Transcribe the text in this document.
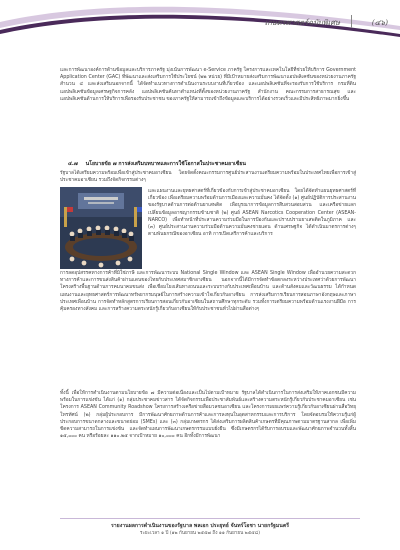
เกษตรศาสตร์ฉบับพิเศษ	(๔๖)
และการพัฒนาองค์การด้านข้อมูลและบริการภาครัฐ มุ่งเน้นการพัฒนา e-Service ภาครัฐ โครงการและเทคโนโลยีที่ช่วยให้บริการ Government Application Center (GAC) ที่พัฒนาและส่งเสริมการใช้ประโยชน์ (๒๒ หน่วย) ที่มีเป้าหมายส่งเสริมการพัฒนาแอปพลิเคชันของหน่วยงานภาครัฐ สำนวน ๔ และส่งเสริมนอกจากนี้ ได้จัดทำแนวทางการดำเนินงานระบบงานที่เกี่ยวข้อง และแอปพลิเคชันที่จะรองรับการใช้บริการ กรมที่ดิน แอปพลิเคชันข้อมูลเศรษฐกิจการคลัง แอปพลิเคชันค้นหาตำแหน่งที่ตั้งของหน่วยงานภาครัฐ สำนักงาน คณะกรรมการสาธารณสุข และแอปพลิเคชันด้านการให้บริการเพื่อรองรับประชาชน ของภาครัฐให้สามารถเข้าถึงข้อมูลและบริการได้อย่างรวดเร็วและมีประสิทธิภาพมากยิ่งขึ้น
๔.๗ นโยบายข้อ ๗ การส่งเสริมบทบาทและการใช้โอกาสในประชาคมอาเซียน
รัฐบาลได้เตรียมความพร้อมเพื่อเข้าสู่ประชาคมอาเซียน โดยจัดตั้งคณะกรรมการศูนย์ประสานงานเตรียมความพร้อมในประเทศไทยเพื่อการเข้าสู่ประชาคมอาเซียน รวมถึงจัดกิจกรรมต่างๆ
และแผนงานและยุทธศาสตร์ที่เกี่ยวข้องกับการเข้าสู่ประชาคมอาเซียน โดยได้จัดทำแผนยุทธศาสตร์ที่เกี่ยวข้อง เพื่อเตรียมความพร้อมด้านการเมืองและความมั่นคง ได้จัดตั้ง (๑) ศูนย์ปฏิบัติการประสานงานของรัฐบาลด้านการต่อต้านยาเสพติด เพื่อบูรณาการข้อมูลการสืบสวนสอบสวน และเครือข่ายแลกเปลี่ยนข้อมูลอาชญากรรมข้ามชาติ (๒) ศูนย์ ASEAN Narcotics Cooperation Center (ASEAN-NARCO) เพื่อทำหน้าที่ประสานความร่วมมือในการป้องกันและปราบปรามยาเสพติดในภูมิภาค และ (๓) ศูนย์ประสานงานความร่วมมือด้านความมั่นคงชายแดน ด้านเศรษฐกิจ ได้ดำเนินมาตรการต่างๆ ตามพันธกรณีของอาเซียน อาทิ การเปิดเสรีการค้าและบริการ
การลดอุปสรรคทางการค้าที่มิใช่ภาษี และการพัฒนาระบบ National Single Window และ ASEAN Single Window เพื่ออำนวยความสะดวกทางการค้าและการขนส่งสินค้าผ่านแดนของไทยกับประเทศสมาชิกอาเซียน นอกจากนี้ได้มีการจัดทำข้อตกลงระหว่างประเทศว่าด้วยการพัฒนาโครงสร้างพื้นฐานด้านการคมนาคมขนส่ง เพื่อเชื่อมโยงเส้นทางถนนและระบบรางกับประเทศเพื่อนบ้าน และด้านสังคมและวัฒนธรรม ได้กำหนดแผนงานและยุทธศาสตร์การพัฒนาทรัพยากรมนุษย์ในการสร้างความเข้าใจเกี่ยวกับอาเซียน การส่งเสริมการเรียนการสอนภาษาอังกฤษและภาษาประเทศเพื่อนบ้าน การจัดทำหลักสูตรการเรียนการสอนเกี่ยวกับอาเซียนในสถานศึกษาทุกระดับ รวมทั้งการเตรียมความพร้อมด้านแรงงานฝีมือ การคุ้มครองทางสังคม และการสร้างความตระหนักรู้เกี่ยวกับอาเซียนให้กับประชาชนทั่วไปผ่านสื่อต่างๆ
ทั้งนี้ เพื่อให้การดำเนินงานตามนโยบายข้อ ๗ มีความต่อเนื่องและเป็นไปตามเป้าหมาย รัฐบาลได้ดำเนินการในการส่งเสริมให้ภาคเอกชนมีความพร้อมในการแข่งขัน ได้แก่ (๑) กลุ่มประชาคมข่าวสาร ได้จัดกิจกรรมเพื่อประชาสัมพันธ์และสร้างความตระหนักรู้เกี่ยวกับประชาคมอาเซียน เช่น โครงการ ASEAN Community Roadshow โครงการสร้างเครือข่ายสื่อมวลชนอาเซียน และโครงการเผยแพร่ความรู้เกี่ยวกับอาเซียนผ่านสื่อวิทยุโทรทัศน์ (๒) กลุ่มผู้ประกอบการ มีการพัฒนาศักยภาพด้านการค้าและการลงทุนในอุตสาหกรรมและการบริการ โดยจัดอบรมให้ความรู้แก่ผู้ประกอบการขนาดกลางและขนาดย่อม (SMEs) และ (๓) กลุ่มเกษตรกร ได้ส่งเสริมการผลิตสินค้าเกษตรที่มีคุณภาพตามมาตรฐานสากล เพื่อเพิ่มขีดความสามารถในการแข่งขัน และจัดทำแผนการพัฒนาเกษตรกรรมแบบยั่งยืน ซึ่งมีเกษตรกรได้รับการอบรมและพัฒนาศักยภาพจำนวนทั้งสิ้น ๑๕,๐๐๐ คน หรือร้อยละ ๑๑๐.๒๕ จากเป้าหมาย ๑๐,๐๐๐ คน อีกทั้งมีการพัฒนา
รายงานผลการดำเนินงานของรัฐบาล พลเอก ประยุทธ์ จันทร์โอชา นายกรัฐมนตรี
ระยะเวลา ๑ ปี (๑๒ กันยายน ๒๕๕๗ ถึง ๑๑ กันยายน ๒๕๕๘)
